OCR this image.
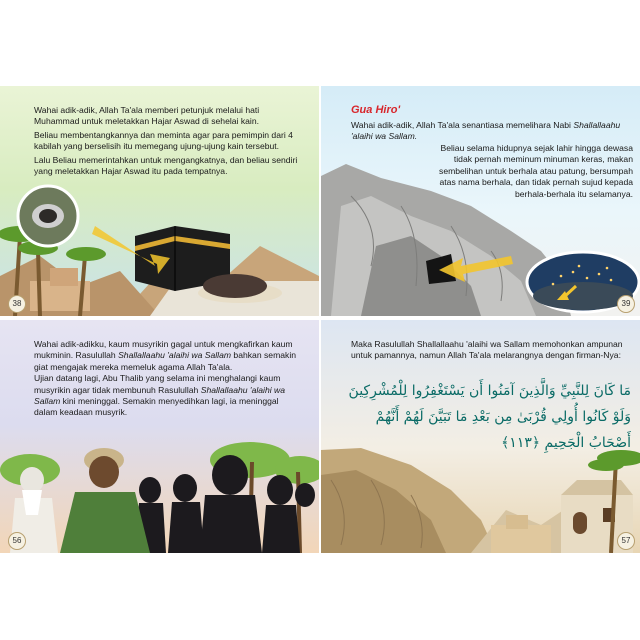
Wahai adik-adik, Allah Ta'ala memberi petunjuk melalui hati Muhammad untuk meletakkan Hajar Aswad di sehelai kain.

Beliau membentangkannya dan meminta agar para pemimpin dari 4 kabilah yang berselisih itu memegang ujung-ujung kain tersebut.

Lalu Beliau memerintahkan untuk mengangkatnya, dan beliau sendiri yang meletakkan Hajar Aswad itu pada tempatnya.

38
Gua Hiro'

Wahai adik-adik, Allah Ta'ala senantiasa memelihara Nabi Shallallaahu 'alaihi wa Sallam.

Beliau selama hidupnya sejak lahir hingga dewasa tidak pernah meminum minuman keras, makan sembelihan untuk berhala atau patung, bersumpah atas nama berhala, dan tidak pernah sujud kepada berhala-berhala itu selamanya.
39

Wahai adik-adikku, kaum musyrikin gagal untuk mengkafirkan kaum mukminin. Rasulullah Shallallaahu 'alaihi wa Sallam bahkan semakin giat mengajak mereka memeluk agama Allah Ta'ala.

Ujian datang lagi, Abu Thalib yang selama ini menghalangi kaum musyrikin agar tidak membunuh Rasulullah Shallallaahu 'alaihi wa Sallam kini meninggal. Semakin menyedihkan lagi, ia meninggal dalam keadaan musyrik.

56
Maka Rasulullah Shallallaahu 'alaihi wa Sallam memohonkan ampunan untuk pamannya, namun Allah Ta'ala melarangnya dengan firman-Nya:
مَا كَانَ لِلنَّبِيِّ وَالَّذِينَ آمَنُوا أَن يَسْتَغْفِرُوا لِلْمُشْرِكِينَ
وَلَوْ كَانُوا أُولِي قُرْبَىٰ مِن بَعْدِ مَا تَبَيَّنَ لَهُمْ أَنَّهُمْ
أَصْحَابُ الْجَحِيمِ ﴿١١٣﴾
57
